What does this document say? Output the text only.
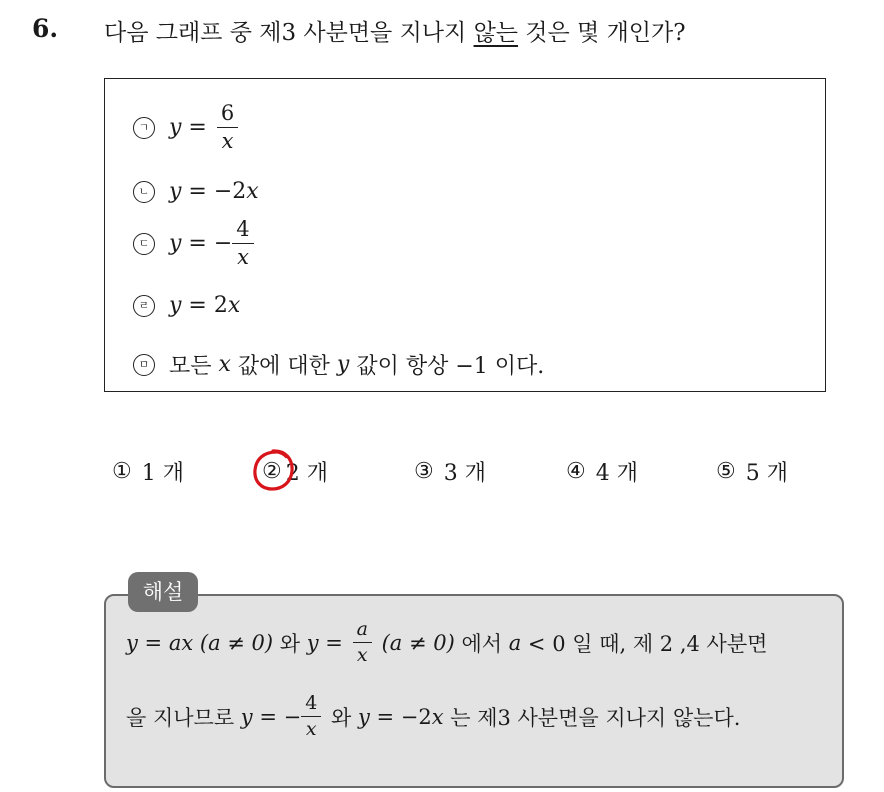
6. 다음 그래프 중 제3 사분면을 지나지 않는 것은 몇 개인가?
ㄱ $y = \frac{6}{x}$
ㄴ y = −2 x
ㄷ y = − $\frac{4}{x}$
ㄹ y = 2 x
ㅁ 모든 x 값에 대한 y 값이 항상 −1 이다.
① 1 개	② 2 개	③ 3 개	④ 4 개	⑤ 5 개
y = ax (a ≠ 0) 와 $y = \frac{a}{x} (a \ne 0)$ 에서 a < 0 일 때, 제 2 ,4 사분면
을 지나므로 y = − $\frac{4}{x}$ 와 y = −2 x 는 제3 사분면을 지나지 않는다.
해설
